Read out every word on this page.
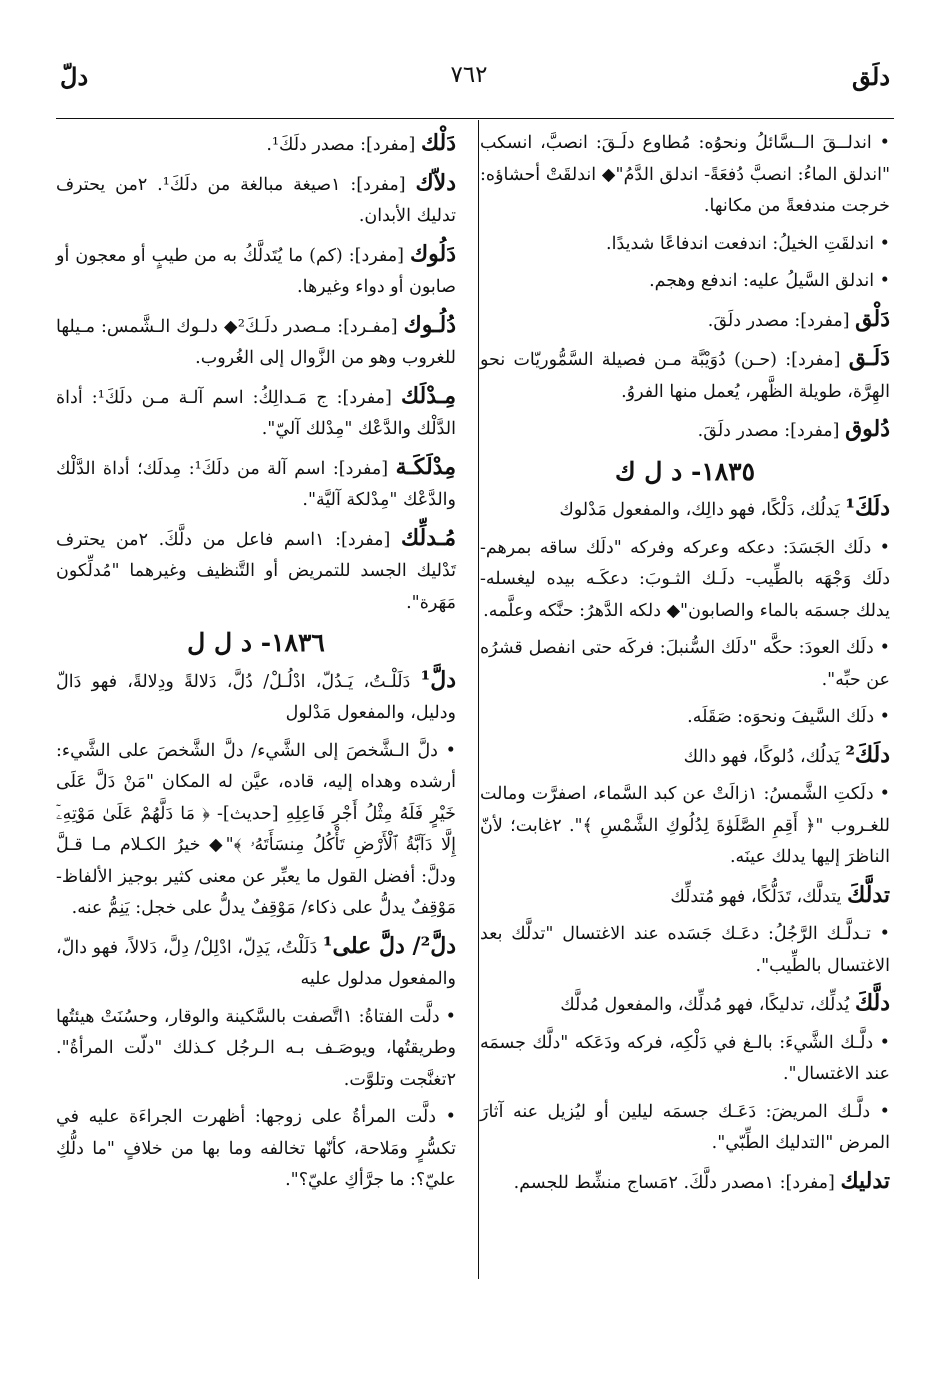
دلَق
٧٦٢
دلّ
• اندلــقَ الــسَّائلُ ونحوُه: مُطاوع دلَـقَ: انصبَّ، انسكب "اندلق الماءُ: انصبَّ دُفعَةً- اندلق الدَّمُ"◆ اندلقَتْ أحشاؤه: خرجت مندفعةً من مكانها.
• اندلقَتِ الخيلُ: اندفعت اندفاعًا شديدًا.
• اندلق السَّيلُ عليه: اندفع وهجم.
دَلْق [مفرد]: مصدر دلَقَ.
دَلَـق [مفرد]: (حـن) دُوَيْبَّة مـن فصيلة السَّمُّوريّات نحو الهِرَّة، طويلة الظَّهر، يُعمل منها الفروُ.
دُلوق [مفرد]: مصدر دلَقَ.
١٨٣٥- د ل ك
دلَكَ¹ يَدلُك، دَلْكًا، فهو دالِك، والمفعول مَدْلوك
• دلَك الجَسَدَ: دعكه وعركه وفركه "دلَك ساقه بمرهم- دلَك وَجْهَه بالطِّيب- دلَـك الثـوبَ: دعكَـه بيده ليغسله- يدلك جسمَه بالماء والصابون"◆ دلكه الدَّهرُ: حنَّكه وعلَّمه.
• دلَك العودَ: حكَّه "دلَك السُّنبلَ: فركَه حتى انفصل قشرُه عن حبِّه".
• دلَك السَّيفَ ونحوَه: صَقَلَه.
دلَكَ² يَدلُك، دُلوكًا، فهو دالك
• دلَكتِ الشَّمسُ: ١زالَتْ عن كبد السَّماء، اصفرَّت ومالت للغـروب "﴿ أَقِمِ الصَّلَوٰةَ لِدُلُوكِ الشَّمْسِ ﴾". ٢غابت؛ لأنّ الناظرَ إليها يدلك عينَه.
تدلَّكَ يتدلَّك، تَدَلُّكًا، فهو مُتدلِّك
• تـدلَّـك الرَّجُلُ: دعَـك جَسَده عند الاغتسال "تدلَّك بعد الاغتسال بالطِّيب".
دلَّكَ يُدلِّك، تدليكًا، فهو مُدلِّك، والمفعول مُدلَّك
• دلَّـك الشَّيءَ: بالـغ في دَلْكِه، فركه ودَعَكه "دلَّك جسمَه عند الاغتسال".
• دلَّـك المريضَ: دَعَـك جسمَه ليلين أو ليُزيل عنه آثارَ المرض "التدليك الطِّبّي".
تدليك [مفرد]: ١مصدر دلَّكَ. ٢مَساج منشِّط للجسم.
دَلْك [مفرد]: مصدر دلَكَ¹.
دلاّك [مفرد]: ١صيغة مبالغة من دلَكَ¹. ٢من يحترف تدليك الأبدان.
دَلُوك [مفرد]: (كم) ما يُتَدلَّكُ به من طيبٍ أو معجون أو صابون أو دواء وغيرها.
دُلُـوك [مفـرد]: مـصدر دلَـكَ²◆ دلـوك الـشَّمس: مـيلها للغروب وهو من الزَّوال إلى الغُروب.
مِـدْلَك [مفرد]: ج مَـدالِكُ: اسم آلـة مـن دلَكَ¹: أداة الدَّلْك والدَّعْك "مِدْلك آليّ".
مِدْلَكَـة [مفرد]: اسم آلة من دلَكَ¹: مِدلَك؛ أداة الدَّلْك والدَّعْك "مِدْلكة آليَّة".
مُـدلِّك [مفرد]: ١اسم فاعل من دلَّكَ. ٢من يحترف تَدْليك الجسد للتمريض أو التَّنظيف وغيرهما "مُدلِّكون مَهَرة".
١٨٣٦- د ل ل
دلَّ¹ دَلَلْـتُ، يَـدُلّ، ادْلُـلْ/ دُلَّ، دَلالةً ودِلالةً، فهو دَالّ ودليل، والمفعول مَدْلول
• دلَّ الـشَّخصَ إلى الشَّيء/ دلَّ الشَّخصَ على الشَّيء: أرشده وهداه إليه، قاده، عيَّن له المكان "مَنْ دَلَّ عَلَى خَيْرٍ فَلَهُ مِثْلُ أَجْرِ فَاعِلِهِ [حديث]- ﴿ مَا دَلَّهُمْ عَلَىٰ مَوْتِهِۦٓ إِلَّا دَآبَّةُ ٱلْأَرْضِ تَأْكُلُ مِنسَأَتَهُۥ ﴾"◆ خيرُ الكـلام مـا قـلَّ ودلَّ: أفضل القول ما يعبِّر عن معنى كثير بوجيز الألفاظ- مَوْقِفٌ يدلُّ على ذكاء/ مَوْقِفٌ يدلُّ على خجل: يَنِمُّ عنه.
دلَّ²/ دلَّ على¹ دَلَلْتُ، يَدِلّ، ادْلِلْ/ دِلَّ، دَلالاً، فهو دالّ، والمفعول مدلول عليه
• دلَّت الفتاةُ: ١اتَّصفت بالسَّكينة والوقار، وحسُنَتْ هيئتُها وطريقتُها، ويوصَـف بـه الـرجُل كـذلك "دلّت المرأةُ". ٢تغنَّجت وتلوَّت.
• دلَّت المرأةُ على زوجها: أظهرت الجراءَة عليه في تكسُّرٍ ومَلاحة، كأنّها تخالفه وما بها من خلافٍ "ما دلُّكِ عليّ؟: ما جرَّأكِ عليّ؟".
